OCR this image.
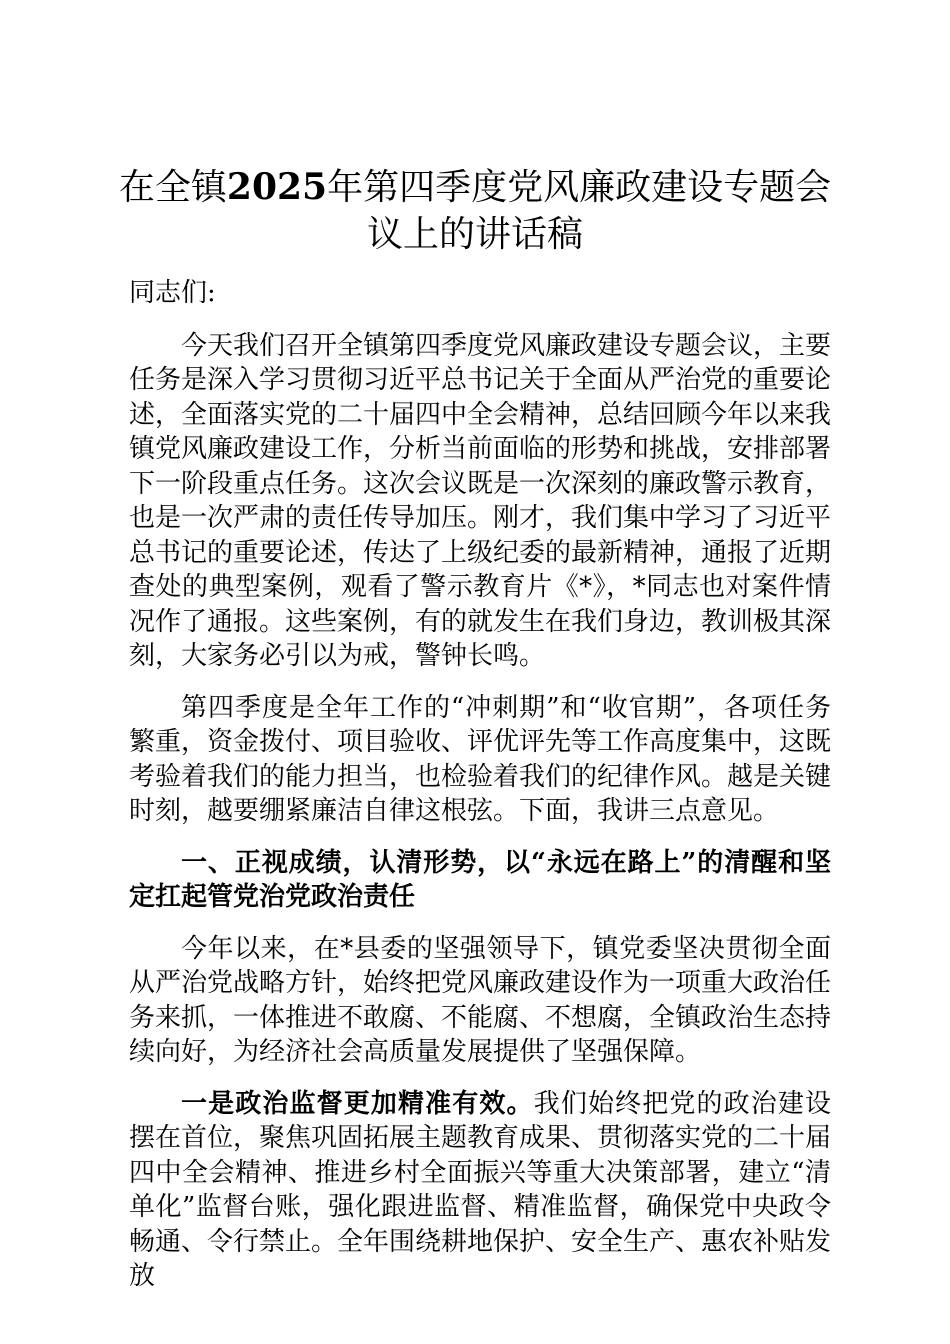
在全镇2025年第四季度党风廉政建设专题会议上的讲话稿

同志们:

今天我们召开全镇第四季度党风廉政建设专题会议，主要任务是深入学习贯彻习近平总书记关于全面从严治党的重要论述，全面落实党的二十届四中全会精神，总结回顾今年以来我镇党风廉政建设工作，分析当前面临的形势和挑战，安排部署下一阶段重点任务。这次会议既是一次深刻的廉政警示教育，也是一次严肃的责任传导加压。刚才，我们集中学习了习近平总书记的重要论述，传达了上级纪委的最新精神，通报了近期查处的典型案例，观看了警示教育片《*》，*同志也对案件情况作了通报。这些案例，有的就发生在我们身边，教训极其深刻，大家务必引以为戒，警钟长鸣。

第四季度是全年工作的“冲刺期”和“收官期”，各项任务繁重，资金拨付、项目验收、评优评先等工作高度集中，这既考验着我们的能力担当，也检验着我们的纪律作风。越是关键时刻，越要绷紧廉洁自律这根弦。下面，我讲三点意见。

一、正视成绩，认清形势，以“永远在路上”的清醒和坚定扛起管党治党政治责任

今年以来，在*县委的坚强领导下，镇党委坚决贯彻全面从严治党战略方针，始终把党风廉政建设作为一项重大政治任务来抓，一体推进不敢腐、不能腐、不想腐，全镇政治生态持续向好，为经济社会高质量发展提供了坚强保障。

一是政治监督更加精准有效。我们始终把党的政治建设摆在首位，聚焦巩固拓展主题教育成果、贯彻落实党的二十届四中全会精神、推进乡村全面振兴等重大决策部署，建立“清单化”监督台账，强化跟进监督、精准监督，确保党中央政令畅通、令行禁止。全年围绕耕地保护、安全生产、惠农补贴发放
